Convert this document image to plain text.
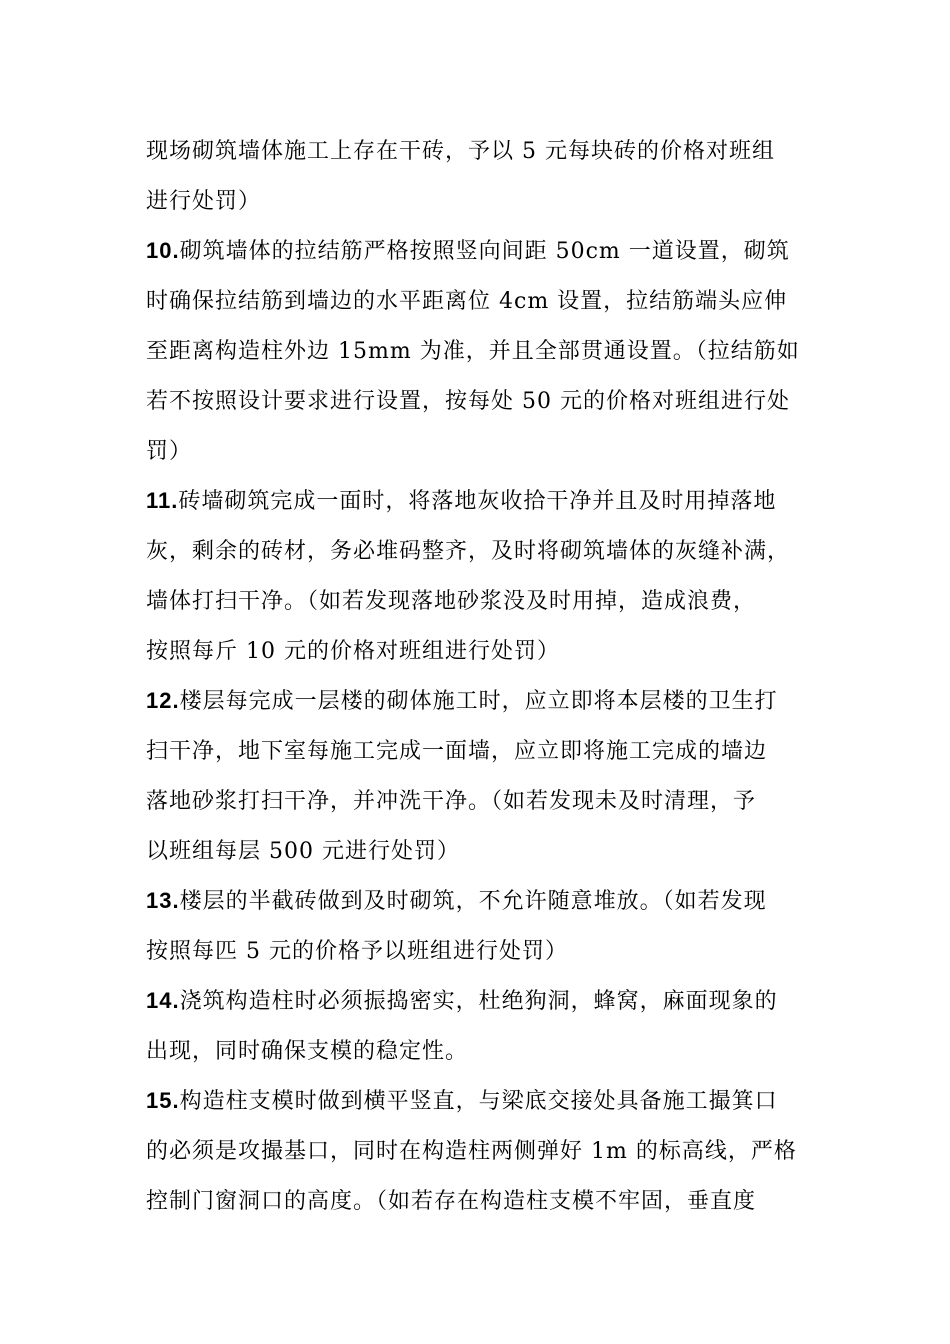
现场砌筑墙体施工上存在干砖，予以 5 元每块砖的价格对班组
进行处罚）
10.砌筑墙体的拉结筋严格按照竖向间距 50cm 一道设置，砌筑
时确保拉结筋到墙边的水平距离位 4cm 设置，拉结筋端头应伸
至距离构造柱外边 15mm 为准，并且全部贯通设置。（拉结筋如
若不按照设计要求进行设置，按每处 50 元的价格对班组进行处
罚）
11.砖墙砌筑完成一面时，将落地灰收拾干净并且及时用掉落地
灰，剩余的砖材，务必堆码整齐，及时将砌筑墙体的灰缝补满，
墙体打扫干净。（如若发现落地砂浆没及时用掉，造成浪费，
按照每斤 10 元的价格对班组进行处罚）
12.楼层每完成一层楼的砌体施工时，应立即将本层楼的卫生打
扫干净，地下室每施工完成一面墙，应立即将施工完成的墙边
落地砂浆打扫干净，并冲洗干净。（如若发现未及时清理，予
以班组每层 500 元进行处罚）
13.楼层的半截砖做到及时砌筑，不允许随意堆放。（如若发现
按照每匹 5 元的价格予以班组进行处罚）
14.浇筑构造柱时必须振捣密实，杜绝狗洞，蜂窝，麻面现象的
出现，同时确保支模的稳定性。
15.构造柱支模时做到横平竖直，与梁底交接处具备施工撮箕口
的必须是攻撮基口，同时在构造柱两侧弹好 1m 的标高线，严格
控制门窗洞口的高度。（如若存在构造柱支模不牢固，垂直度
